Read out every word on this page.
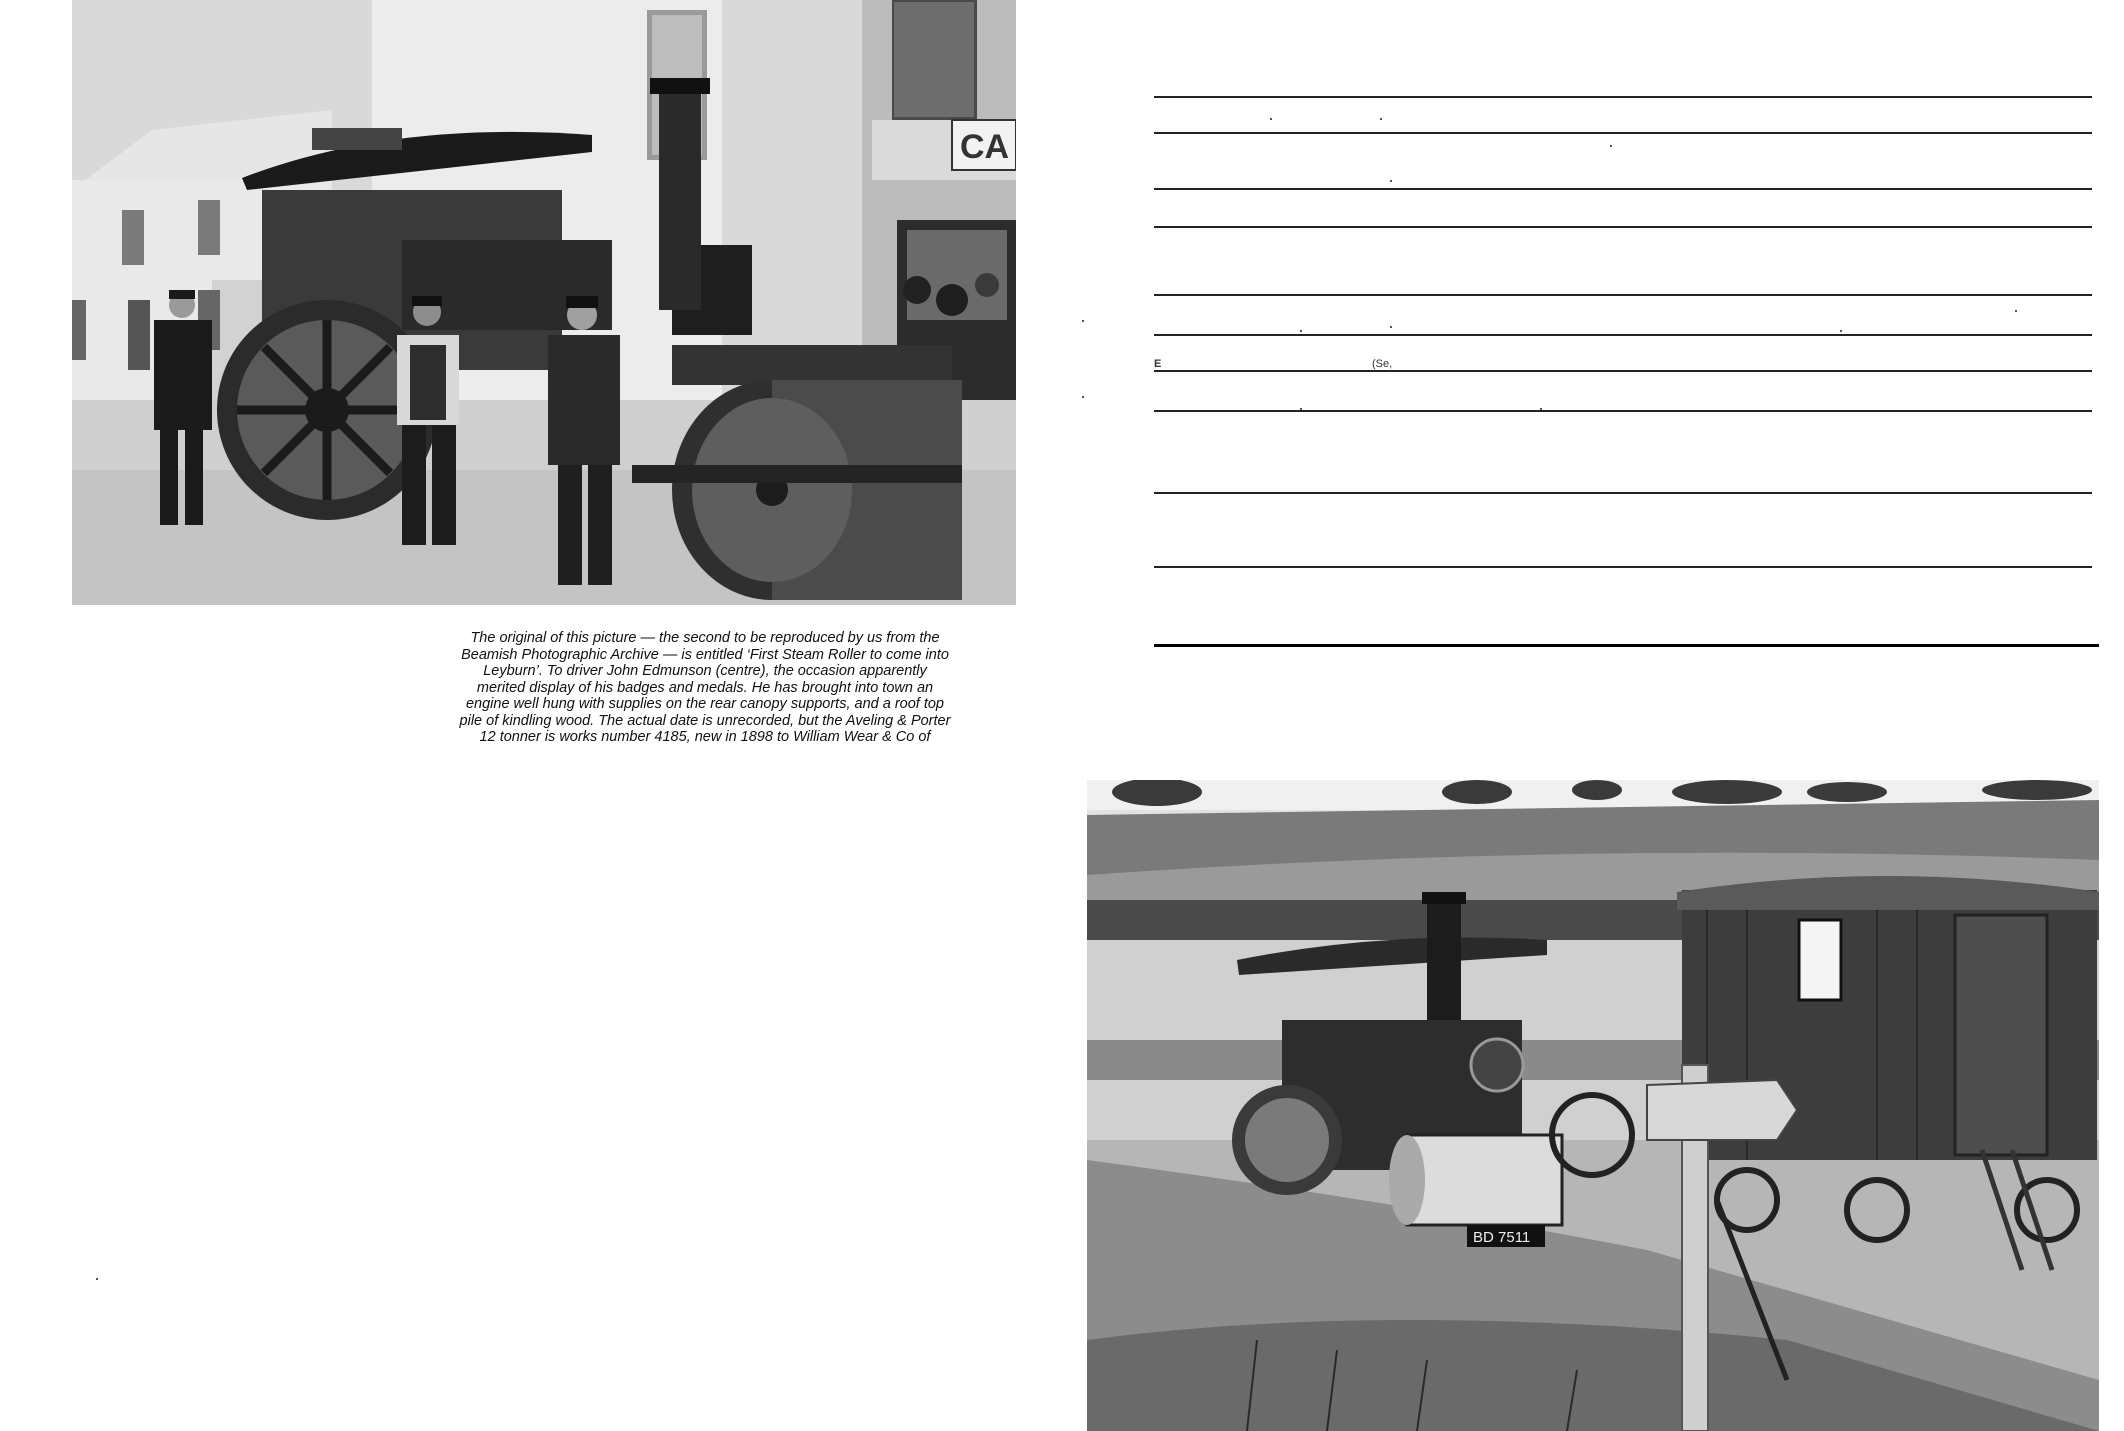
CA
The original of this picture — the second to be reproduced by us from the
Beamish Photographic Archive — is entitled ‘First Steam Roller to come into
Leyburn’. To driver John Edmunson (centre), the occasion apparently
merited display of his badges and medals. He has brought into town an
engine well hung with supplies on the rear canopy supports, and a roof top
pile of kindling wood. The actual date is unrecorded, but the Aveling & Porter
12 tonner is works number 4185, new in 1898 to William Wear & Co of
E	(Se,
BD 7511
